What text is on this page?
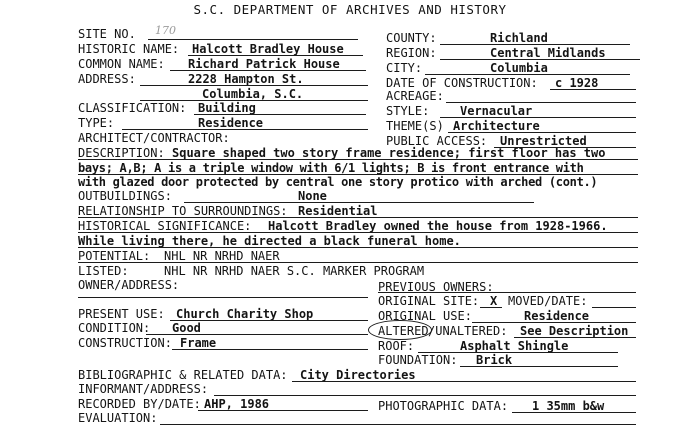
S.C. DEPARTMENT OF ARCHIVES AND HISTORY
SITE NO. 170
HISTORIC NAME: Halcott Bradley House
COMMON NAME: Richard Patrick House
ADDRESS:	2228 Hampton St.
Columbia, S.C.
CLASSIFICATION: Building
TYPE:	Residence
ARCHITECT/CONTRACTOR:
COUNTY:	Richland
REGION:	Central Midlands
CITY:	Columbia
DATE OF CONSTRUCTION: c 1928
ACREAGE:
STYLE:	Vernacular
THEME(S) Architecture
PUBLIC ACCESS: Unrestricted
DESCRIPTION: Square shaped two story frame residence; first floor has two
bays; A,B; A is a triple window with 6/1 lights; B is front entrance with
with glazed door protected by central one story protico with arched (cont.)
OUTBUILDINGS:	None
RELATIONSHIP TO SURROUNDINGS: Residential
HISTORICAL SIGNIFICANCE: Halcott Bradley owned the house from 1928-1966.
While living there, he directed a black funeral home.
POTENTIAL: NHL NR NRHD NAER
LISTED:	NHL NR NRHD NAER S.C. MARKER PROGRAM
OWNER/ADDRESS:	PREVIOUS OWNERS:
ORIGINAL SITE: X MOVED/DATE:
PRESENT USE: Church Charity Shop	ORIGINAL USE:	Residence
CONDITION: Good	ALTERED /UNALTERED: See Description
CONSTRUCTION: Frame	ROOF:	Asphalt Shingle
FOUNDATION: Brick
BIBLIOGRAPHIC & RELATED DATA: City Directories
INFORMANT/ADDRESS:
RECORDED BY/DATE: AHP, 1986	PHOTOGRAPHIC DATA: 1 35mm b&w
EVALUATION:
